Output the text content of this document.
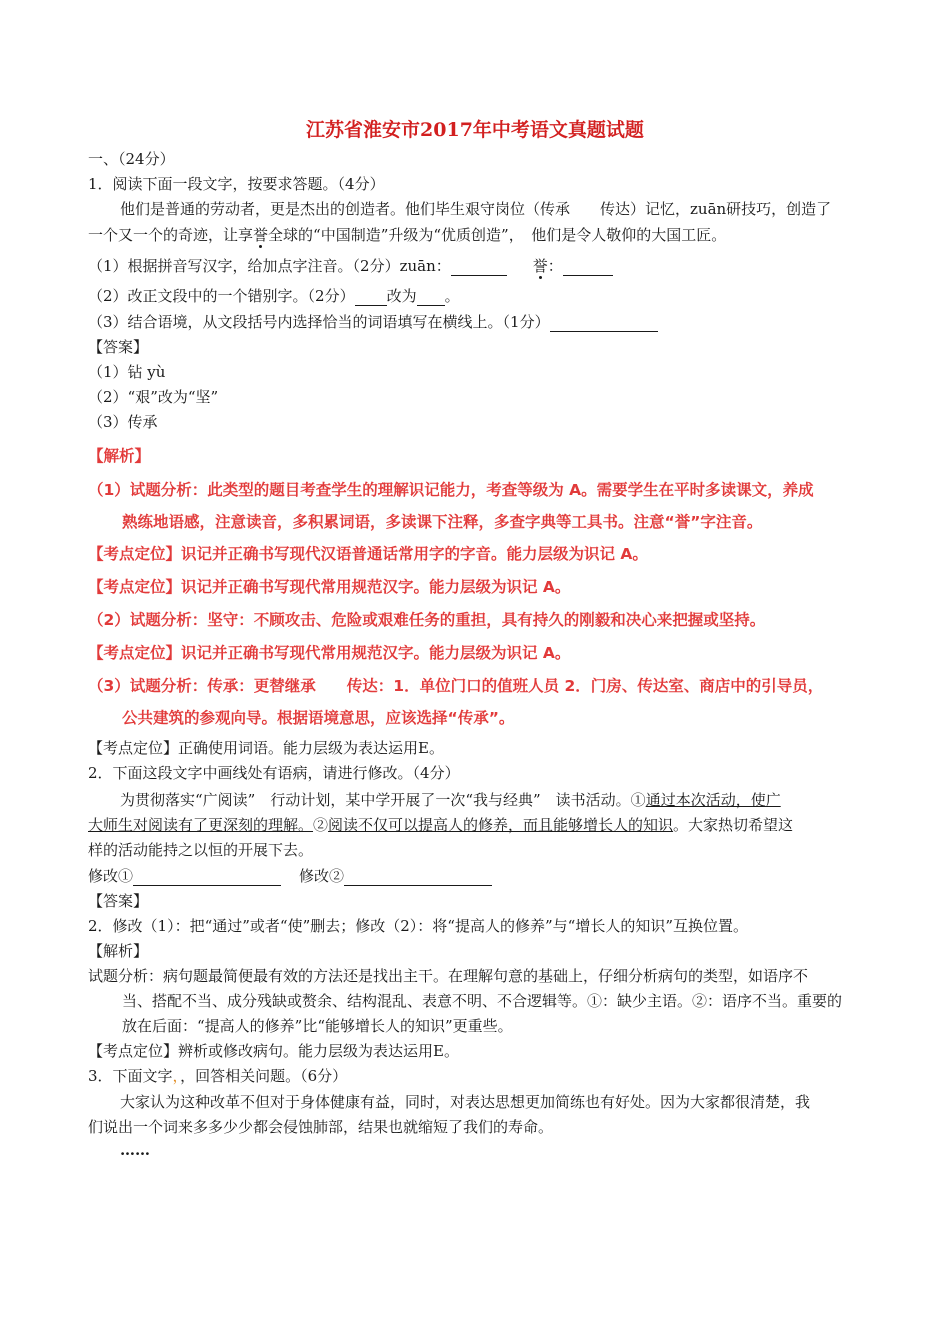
江苏省淮安市2017年中考语文真题试题
一、（24分）
1．阅读下面一段文字，按要求答题。（4分）
他们是普通的劳动者，更是杰出的创造者。他们毕生艰守岗位（传承　　传达）记忆，zuān研技巧，创造了
一个又一个的奇迹，让享誉全球的“中国制造”升级为“优质创造”，　他们是令人敬仰的大国工匠。
（1）根据拼音写汉字，给加点字注音。（2分）zuān：	誉：
（2）改正文段中的一个错别字。（2分） 改为 。
（3）结合语境，从文段括号内选择恰当的词语填写在横线上。（1分）
【答案】
（1）钻 yù
（2）“艰”改为“坚”
（3）传承
【解析】
（1）试题分析：此类型的题目考查学生的理解识记能力，考查等级为 A。需要学生在平时多读课文，养成
熟练地语感，注意读音，多积累词语，多读课下注释，多查字典等工具书。注意“誉”字注音。
【考点定位】识记并正确书写现代汉语普通话常用字的字音。能力层级为识记 A。
【考点定位】识记并正确书写现代常用规范汉字。能力层级为识记 A。
（2）试题分析：坚守：不顾攻击、危险或艰难任务的重担，具有持久的刚毅和决心来把握或坚持。
【考点定位】识记并正确书写现代常用规范汉字。能力层级为识记 A。
（3）试题分析：传承：更替继承　　传达：1．单位门口的值班人员 2．门房、传达室、商店中的引导员，
公共建筑的参观向导。根据语境意思，应该选择“传承”。
【考点定位】正确使用词语。能力层级为表达运用E。
2．下面这段文字中画线处有语病，请进行修改。（4分）
为贯彻落实“广阅读”　行动计划，某中学开展了一次“我与经典”　读书活动。①通过本次活动，使广
大师生对阅读有了更深刻的理解。②阅读不仅可以提高人的修养，而且能够增长人的知识。大家热切希望这
样的活动能持之以恒的开展下去。
修改①	修改②
【答案】
2．修改（1）：把“通过”或者“使”删去；修改（2）：将“提高人的修养”与“增长人的知识”互换位置。
【解析】
试题分析：病句题最简便最有效的方法还是找出主干。在理解句意的基础上，仔细分析病句的类型，如语序不
当、搭配不当、成分残缺或赘余、结构混乱、表意不明、不合逻辑等。①：缺少主语。②：语序不当。重要的
放在后面：“提高人的修养”比“能够增长人的知识”更重些。
【考点定位】辨析或修改病句。能力层级为表达运用E。
3．下面文字，，回答相关问题。（6分）
大家认为这种改革不但对于身体健康有益，同时，对表达思想更加简练也有好处。因为大家都很清楚，我
们说出一个词来多多少少都会侵蚀肺部，结果也就缩短了我们的寿命。
……
